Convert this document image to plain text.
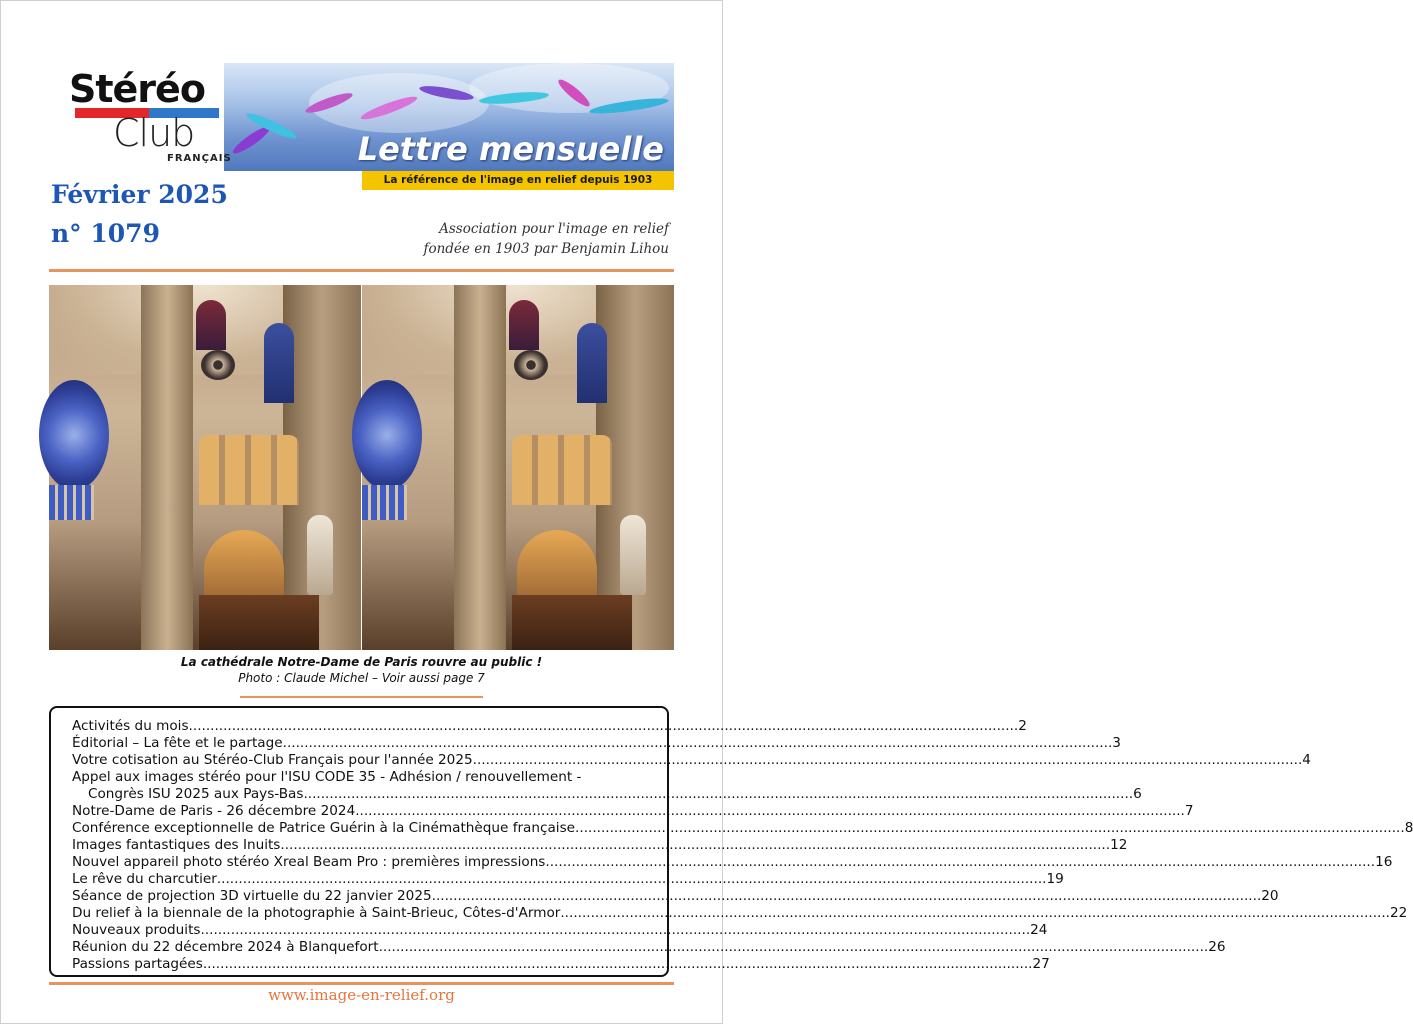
Stéréo
Club
FRANÇAIS	Lettre mensuelle
La référence de l'image en relief depuis 1903
Février 2025
n° 1079	Association pour l'image en relief
fondée en 1903 par Benjamin Lihou
La cathédrale Notre-Dame de Paris rouvre au public !
Photo : Claude Michel – Voir aussi page 7
Activités du mois .....	2
Éditorial – La fête et le partage .....	3
Votre cotisation au Stéréo-Club Français pour l'année 2025 .....	4
Appel aux images stéréo pour l'ISU CODE 35 - Adhésion / renouvellement -
Congrès ISU 2025 aux Pays-Bas .....	6
Notre-Dame de Paris - 26 décembre 2024 .....	7
Conférence exceptionnelle de Patrice Guérin à la Cinémathèque française .....	8
Images fantastiques des Inuits .....	12
Nouvel appareil photo stéréo Xreal Beam Pro : premières impressions .....	16
Le rêve du charcutier .....	19
Séance de projection 3D virtuelle du 22 janvier 2025 .....	20
Du relief à la biennale de la photographie à Saint-Brieuc, Côtes-d'Armor .....	22
Nouveaux produits .....	24
Réunion du 22 décembre 2024 à Blanquefort .....	26
Passions partagées .....	27
www.image-en-relief.org
